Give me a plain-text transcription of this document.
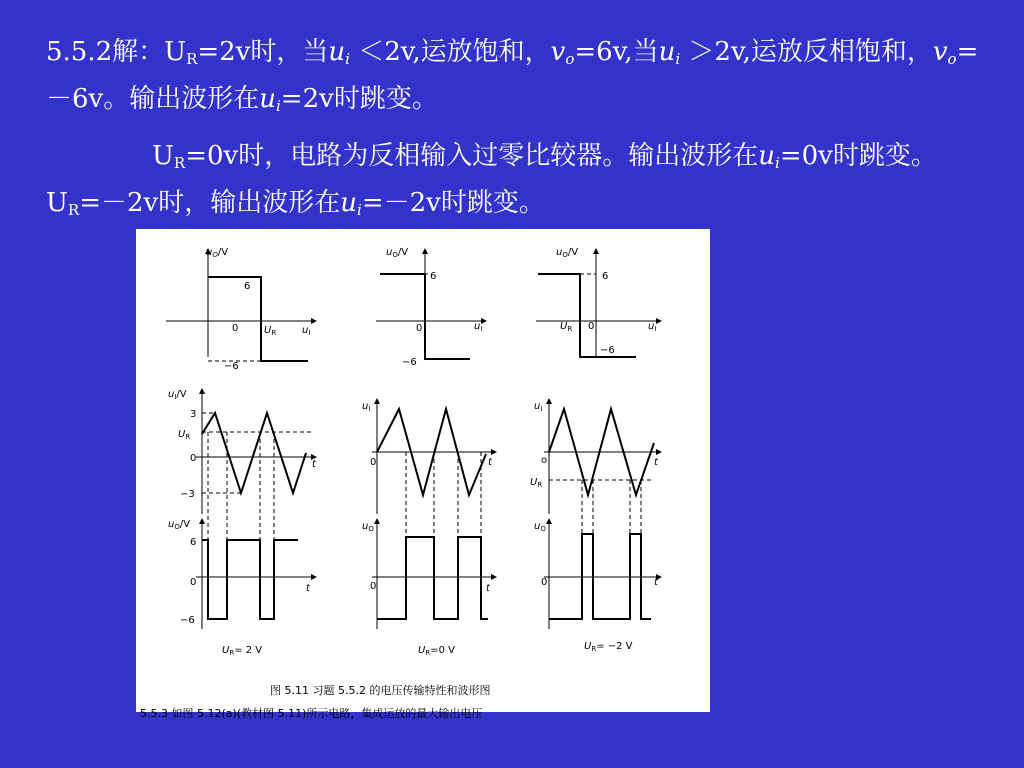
5.5.2解：$U_R=2v$时，当$u_i <2v$,运放饱和，$v_o=6v$,当$u_i >2v$,运放反相饱和，$v_o=-6v$。输出波形在$u_i=2v$时跳变。
$U_R=0v$时，电路为反相输入过零比较器。输出波形在$u_i=0v$时跳变。 $U_R=-2v$时，输出波形在$u_i=-2v$时跳变。
$u_O/V$
6
0	$U_R$	$u_I$
−6
$u_O/V$
6
0	$u_I$
−6
$u_O/V$
6
$U_R$ 0	$u_I$
−6
$u_I/V$
3
$U_R$
0
−3
t
$u_I$
0	t
$u_I$
o
$U_R$
t
$u_O/V$
6
0
−6
t
$u_O$
0	t
$u_O$
0	t
$U_R= 2$ V	$U_R=0$ V	$U_R= -2$ V
图 5.11 习题 5.5.2 的电压传输特性和波形图
5.5.3 如图 5.12(a)(教材图 5.11)所示电路，集成运放的最大输出电压
